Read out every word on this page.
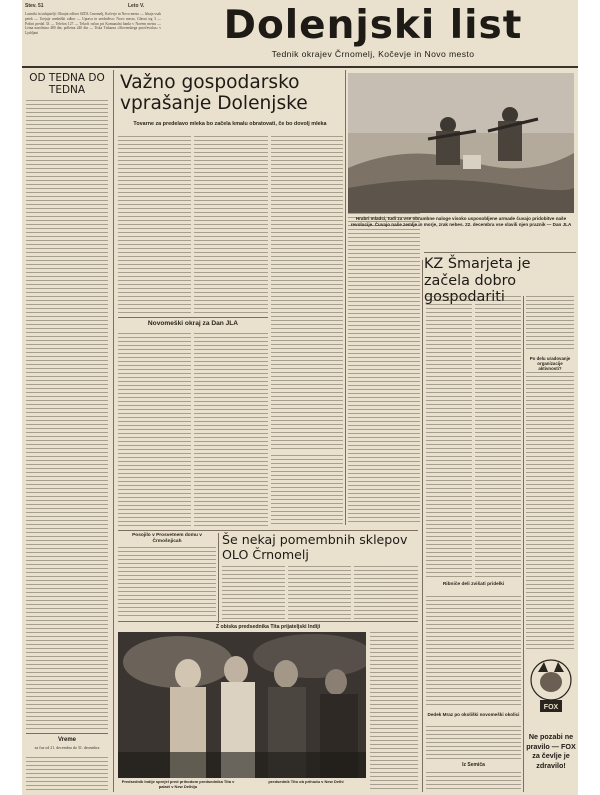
Stev. 51	Leto V.
Lastniki in izdajatelji: Okrajni odbori SZDL Črnomelj, Kočevje in Novo mesto — Izhaja vsak petek — Urejuje uredniški odbor — Uprava in uredništvo: Novo mesto, Glavni trg 3 — Poštni predal 33 — Telefon 127 — Tekoči račun pri Komunalni banki v Novem mestu — Letna naročnina 480 din, polletna 240 din — Tiska Tiskarna »Slovenskega poročevalca« v Ljubljani	Dolenjski list
Tednik okrajev Črnomelj, Kočevje in Novo mesto
OD TEDNA DO TEDNA
Vreme
za čas od 21. decembra do 31. decembra
Važno gospodarsko vprašanje Dolenjske
Tovarne za predelavo mleka bo začela kmalu obratovati, če bo dovolj mleka
Novomeški okraj za Dan JLA
Posojilo v Prosvetnem domu v Črmošnjicah	Še nekaj pomembnih sklepov OLO Črnomelj
Z obiska predsednika Tita prijateljski Indiji
Predsednik Indije sprejel pred prihodom predsednika Tita v palači v New Delhiju
predsednik Tito ob prihodu v New Delhi
Hrabri mladci, tudi za vse obrambne naloge visoko usposobljene armade čuvajo pridobitve naše revolucije. Čuvajo naše zemlje in morje, zrak nebes. 22. decembra vse slavili njen praznik — Dan JLA
KZ Šmarjeta je začela dobro gospodariti
Po delu uradovanje organizacije aktivnosti?
Ribniče deli zvišati pridelki
Dedek Mraz po okoliški novomeški okolici
Iz Semiča
FOX
Ne pozabi ne pravilo — FOX za čevlje je zdravilo!
